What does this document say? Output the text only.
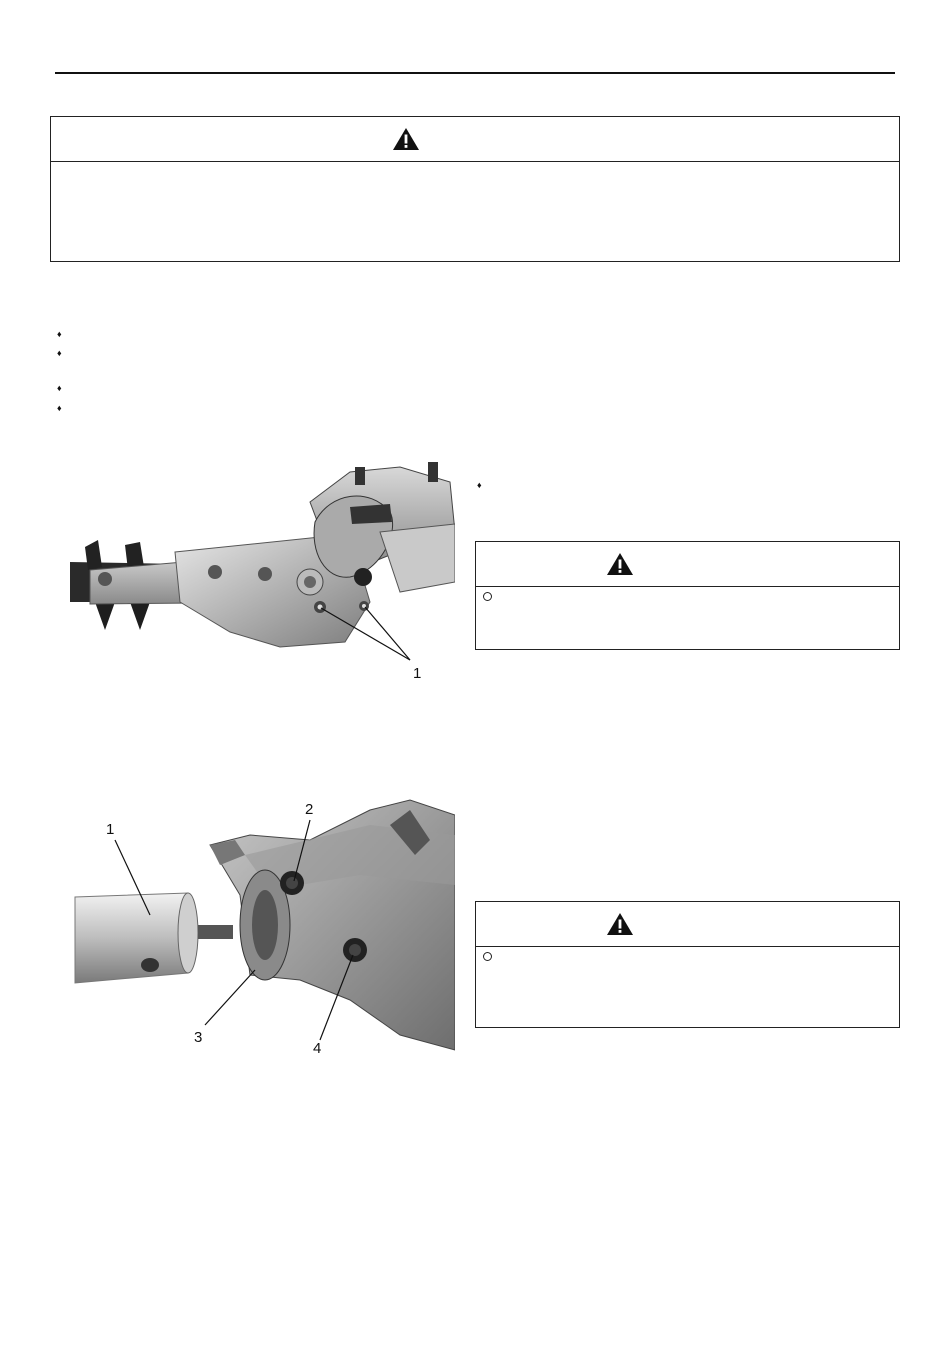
♦
♦
♦
♦
♦
1
1
2
3
4
